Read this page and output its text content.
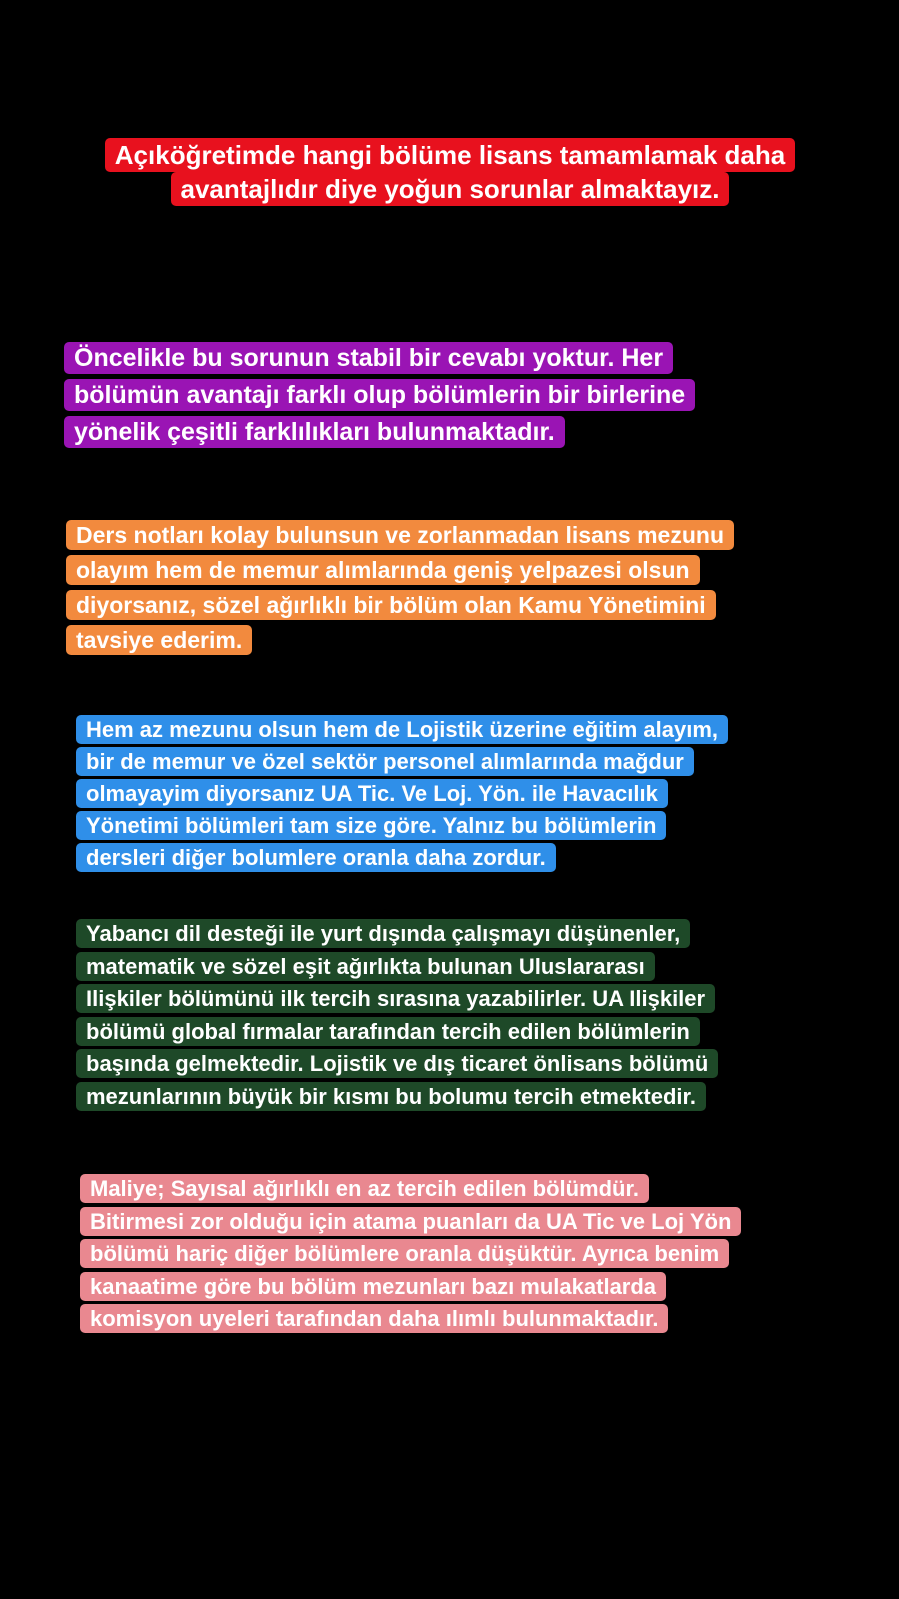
Açıköğretimde hangi bölüme lisans tamamlamak daha
avantajlıdır diye yoğun sorunlar almaktayız.

Öncelikle bu sorunun stabil bir cevabı yoktur. Her
bölümün avantajı farklı olup bölümlerin bir birlerine
yönelik çeşitli farklılıkları bulunmaktadır.

Ders notları kolay bulunsun ve zorlanmadan lisans mezunu
olayım hem de memur alımlarında geniş yelpazesi olsun
diyorsanız, sözel ağırlıklı bir bölüm olan Kamu Yönetimini
tavsiye ederim.

Hem az mezunu olsun hem de Lojistik üzerine eğitim alayım,
bir de memur ve özel sektör personel alımlarında mağdur
olmayayim diyorsanız UA Tic. Ve Loj. Yön. ile Havacılık
Yönetimi bölümleri tam size göre. Yalnız bu bölümlerin
dersleri diğer bolumlere oranla daha zordur.

Yabancı dil desteği ile yurt dışında çalışmayı düşünenler,
matematik ve sözel eşit ağırlıkta bulunan Uluslararası
Ilişkiler bölümünü ilk tercih sırasına yazabilirler. UA Ilişkiler
bölümü global fırmalar tarafından tercih edilen bölümlerin
başında gelmektedir. Lojistik ve dış ticaret önlisans bölümü
mezunlarının büyük bir kısmı bu bolumu tercih etmektedir.

Maliye; Sayısal ağırlıklı en az tercih edilen bölümdür.
Bitirmesi zor olduğu için atama puanları da UA Tic ve Loj Yön
bölümü hariç diğer bölümlere oranla düşüktür. Ayrıca benim
kanaatime göre bu bölüm mezunları bazı mulakatlarda
komisyon uyeleri tarafından daha ılımlı bulunmaktadır.
